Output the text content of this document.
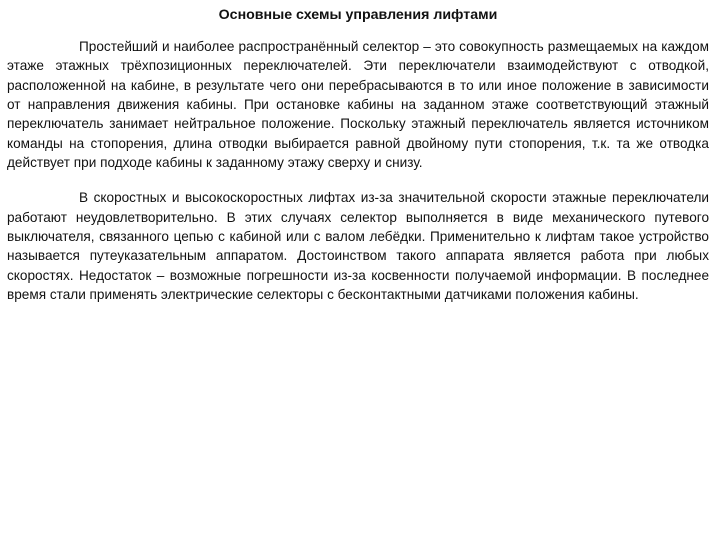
Основные схемы управления лифтами

Простейший и наиболее распространённый селектор – это совокупность размещаемых на каждом этаже этажных трёхпозиционных переключателей. Эти переключатели взаимодействуют с отводкой, расположенной на кабине, в результате чего они перебрасываются в то или иное положение в зависимости от направления движения кабины. При остановке кабины на заданном этаже соответствующий этажный переключатель занимает нейтральное положение. Поскольку этажный переключатель является источником команды на стопорения, длина отводки выбирается равной двойному пути стопорения, т.к. та же отводка действует при подходе кабины к заданному этажу сверху и снизу.

В скоростных и высокоскоростных лифтах из-за значительной скорости этажные переключатели работают неудовлетворительно. В этих случаях селектор выполняется в виде механического путевого выключателя, связанного цепью с кабиной или с валом лебёдки. Применительно к лифтам такое устройство называется путеуказательным аппаратом. Достоинством такого аппарата является работа при любых скоростях. Недостаток – возможные погрешности из-за косвенности получаемой информации. В последнее время стали применять электрические селекторы с бесконтактными датчиками положения кабины.
